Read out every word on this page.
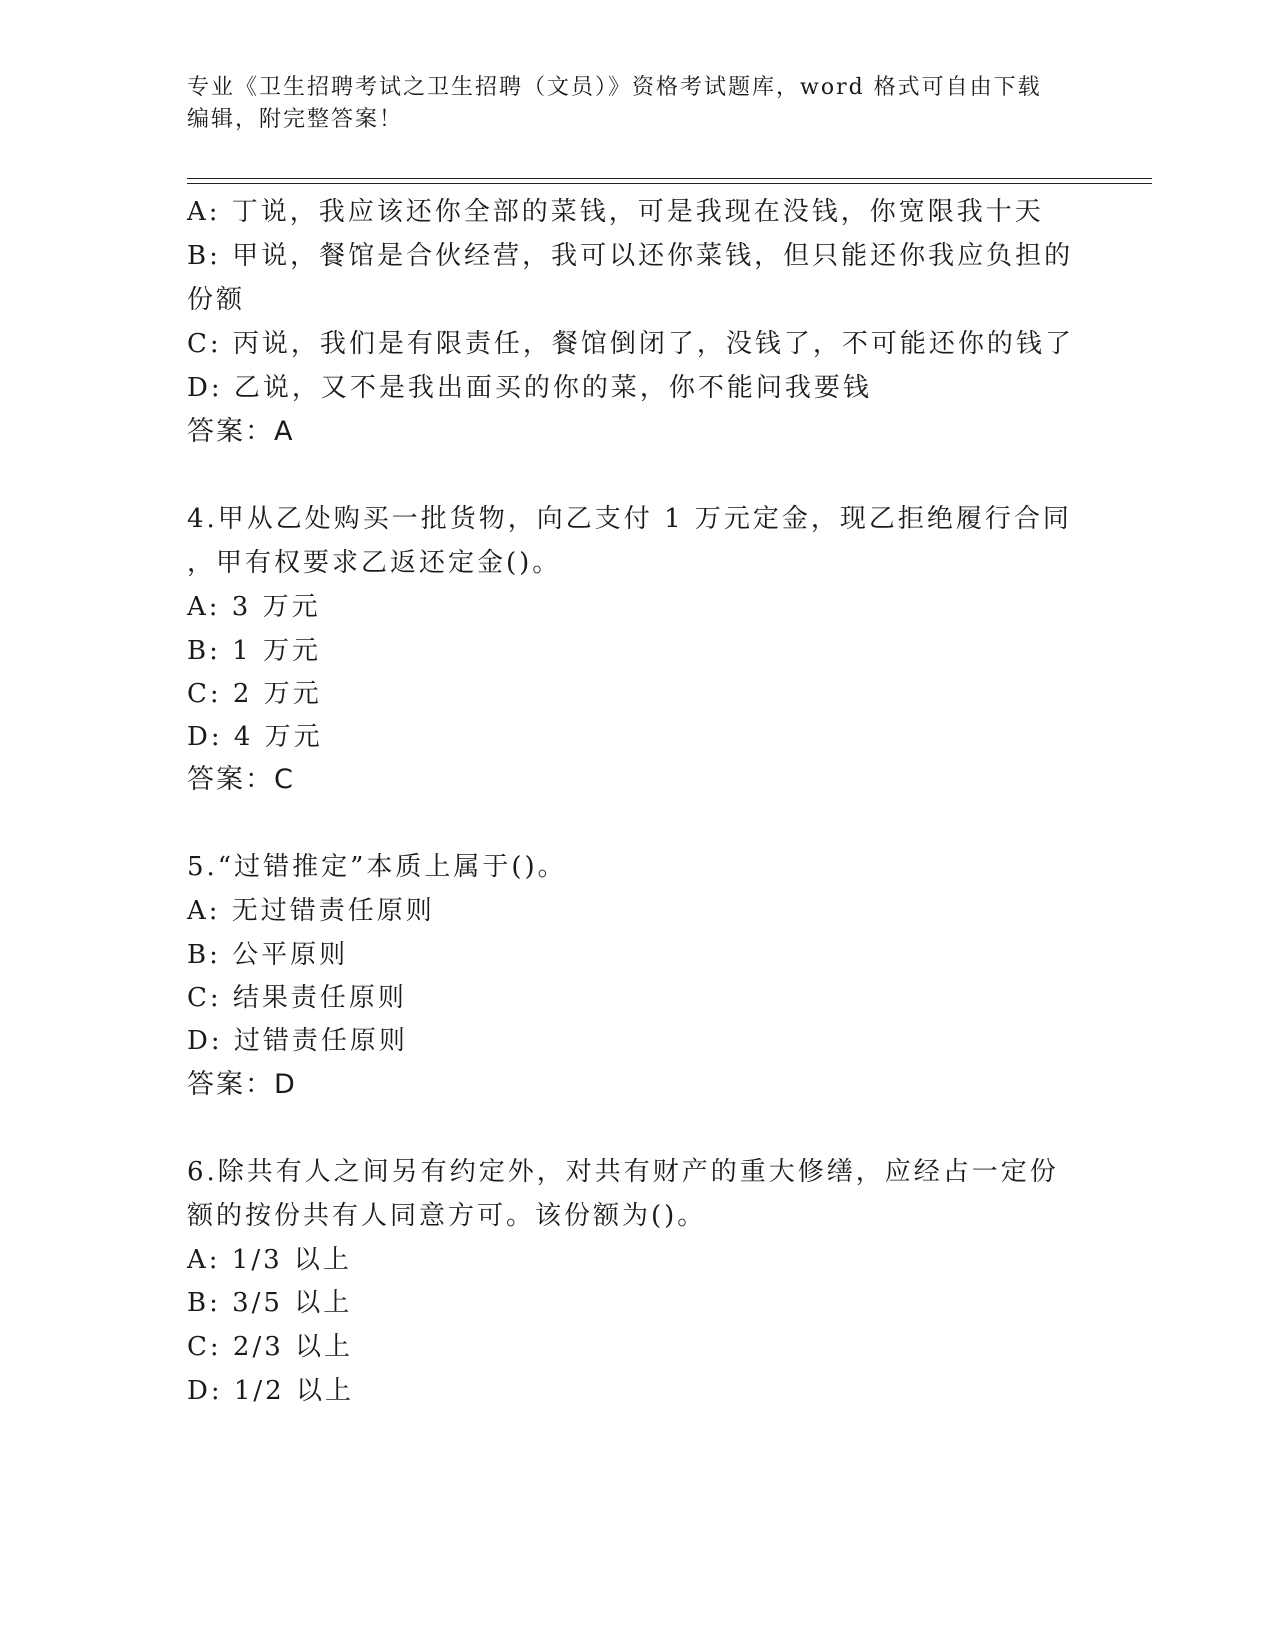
专业《卫生招聘考试之卫生招聘（文员）》资格考试题库，word 格式可自由下载
编辑，附完整答案！
A: 丁说，我应该还你全部的菜钱，可是我现在没钱，你宽限我十天
B: 甲说，餐馆是合伙经营，我可以还你菜钱，但只能还你我应负担的
份额
C: 丙说，我们是有限责任，餐馆倒闭了，没钱了，不可能还你的钱了
D: 乙说，又不是我出面买的你的菜，你不能问我要钱
答案：A
4.甲从乙处购买一批货物，向乙支付 1 万元定金，现乙拒绝履行合同
，甲有权要求乙返还定金()。
A: 3 万元
B: 1 万元
C: 2 万元
D: 4 万元
答案：C
5.“过错推定”本质上属于()。
A: 无过错责任原则
B: 公平原则
C: 结果责任原则
D: 过错责任原则
答案：D
6.除共有人之间另有约定外，对共有财产的重大修缮，应经占一定份
额的按份共有人同意方可。该份额为()。
A: 1/3 以上
B: 3/5 以上
C: 2/3 以上
D: 1/2 以上
